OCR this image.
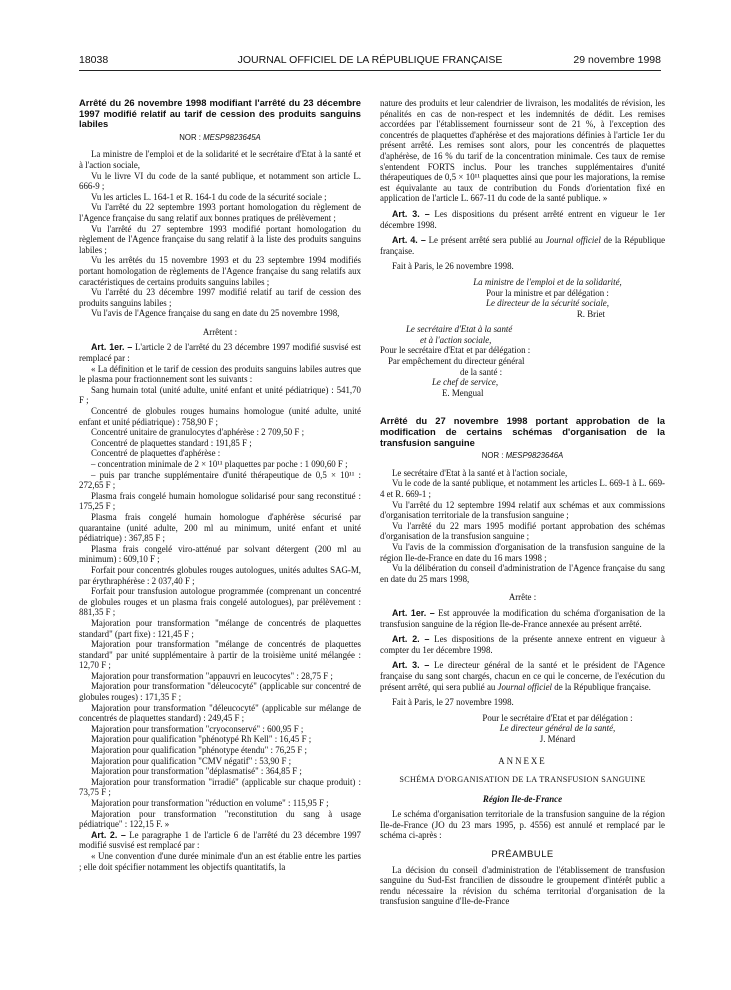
18038	JOURNAL OFFICIEL DE LA RÉPUBLIQUE FRANÇAISE	29 novembre 1998
Arrêté du 26 novembre 1998 modifiant l'arrêté du 23 décembre 1997 modifié relatif au tarif de cession des produits sanguins labiles
NOR : MESP9823645A

La ministre de l'emploi et de la solidarité et le secrétaire d'Etat à la santé et à l'action sociale,

Vu le livre VI du code de la santé publique, et notamment son article L. 666-9 ;

Vu les articles L. 164-1 et R. 164-1 du code de la sécurité sociale ;

Vu l'arrêté du 22 septembre 1993 portant homologation du règlement de l'Agence française du sang relatif aux bonnes pratiques de prélèvement ;

Vu l'arrêté du 27 septembre 1993 modifié portant homologation du règlement de l'Agence française du sang relatif à la liste des produits sanguins labiles ;

Vu les arrêtés du 15 novembre 1993 et du 23 septembre 1994 modifiés portant homologation de règlements de l'Agence française du sang relatifs aux caractéristiques de certains produits sanguins labiles ;

Vu l'arrêté du 23 décembre 1997 modifié relatif au tarif de cession des produits sanguins labiles ;

Vu l'avis de l'Agence française du sang en date du 25 novembre 1998,

Arrêtent :

Art. 1er. – L'article 2 de l'arrêté du 23 décembre 1997 modifié susvisé est remplacé par :

« La définition et le tarif de cession des produits sanguins labiles autres que le plasma pour fractionnement sont les suivants :

Sang humain total (unité adulte, unité enfant et unité pédiatrique) : 541,70 F ;

Concentré de globules rouges humains homologue (unité adulte, unité enfant et unité pédiatrique) : 758,90 F ;

Concentré unitaire de granulocytes d'aphérèse : 2 709,50 F ;

Concentré de plaquettes standard : 191,85 F ;

Concentré de plaquettes d'aphérèse :

– concentration minimale de 2 × 10¹¹ plaquettes par poche : 1 090,60 F ;

– puis par tranche supplémentaire d'unité thérapeutique de 0,5 × 10¹¹ : 272,65 F ;

Plasma frais congelé humain homologue solidarisé pour sang reconstitué : 175,25 F ;

Plasma frais congelé humain homologue d'aphérèse sécurisé par quarantaine (unité adulte, 200 ml au minimum, unité enfant et unité pédiatrique) : 367,85 F ;

Plasma frais congelé viro-atténué par solvant détergent (200 ml au minimum) : 609,10 F ;

Forfait pour concentrés globules rouges autologues, unités adultes SAG-M, par érythraphérèse : 2 037,40 F ;

Forfait pour transfusion autologue programmée (comprenant un concentré de globules rouges et un plasma frais congelé autologues), par prélèvement : 881,35 F ;

Majoration pour transformation "mélange de concentrés de plaquettes standard" (part fixe) : 121,45 F ;

Majoration pour transformation "mélange de concentrés de plaquettes standard" par unité supplémentaire à partir de la troisième unité mélangée : 12,70 F ;

Majoration pour transformation "appauvri en leucocytes" : 28,75 F ;

Majoration pour transformation "déleucocyté" (applicable sur concentré de globules rouges) : 171,35 F ;

Majoration pour transformation "déleucocyté" (applicable sur mélange de concentrés de plaquettes standard) : 249,45 F ;

Majoration pour transformation "cryoconservé" : 600,95 F ;

Majoration pour qualification "phénotypé Rh Kell" : 16,45 F ;

Majoration pour qualification "phénotype étendu" : 76,25 F ;

Majoration pour qualification "CMV négatif" : 53,90 F ;

Majoration pour transformation "déplasmatisé" : 364,85 F ;

Majoration pour transformation "irradié" (applicable sur chaque produit) : 73,75 F ;

Majoration pour transformation "réduction en volume" : 115,95 F ;

Majoration pour transformation "reconstitution du sang à usage pédiatrique" : 122,15 F. »

Art. 2. – Le paragraphe 1 de l'article 6 de l'arrêté du 23 décembre 1997 modifié susvisé est remplacé par :

« Une convention d'une durée minimale d'un an est établie entre les parties ; elle doit spécifier notamment les objectifs quantitatifs, la

nature des produits et leur calendrier de livraison, les modalités de révision, les pénalités en cas de non-respect et les indemnités de dédit. Les remises accordées par l'établissement fournisseur sont de 21 %, à l'exception des concentrés de plaquettes d'aphérèse et des majorations définies à l'article 1er du présent arrêté. Les remises sont alors, pour les concentrés de plaquettes d'aphérèse, de 16 % du tarif de la concentration minimale. Ces taux de remise s'entendent FORTS inclus. Pour les tranches supplémentaires d'unité thérapeutiques de 0,5 × 10¹¹ plaquettes ainsi que pour les majorations, la remise est équivalante au taux de contribution du Fonds d'orientation fixé en application de l'article L. 667-11 du code de la santé publique. »

Art. 3. – Les dispositions du présent arrêté entrent en vigueur le 1er décembre 1998.

Art. 4. – Le présent arrêté sera publié au Journal officiel de la République française.

Fait à Paris, le 26 novembre 1998.

La ministre de l'emploi et de la solidarité,
Pour la ministre et par délégation :
Le directeur de la sécurité sociale,
R. Briet
Le secrétaire d'Etat à la santé
et à l'action sociale,
Pour le secrétaire d'Etat et par délégation :
Par empêchement du directeur général
de la santé :
Le chef de service,
E. Mengual
Arrêté du 27 novembre 1998 portant approbation de la modification de certains schémas d'organisation de la transfusion sanguine
NOR : MESP9823646A

Le secrétaire d'Etat à la santé et à l'action sociale,

Vu le code de la santé publique, et notamment les articles L. 669-1 à L. 669-4 et R. 669-1 ;

Vu l'arrêté du 12 septembre 1994 relatif aux schémas et aux commissions d'organisation territoriale de la transfusion sanguine ;

Vu l'arrêté du 22 mars 1995 modifié portant approbation des schémas d'organisation de la transfusion sanguine ;

Vu l'avis de la commission d'organisation de la transfusion sanguine de la région Ile-de-France en date du 16 mars 1998 ;

Vu la délibération du conseil d'administration de l'Agence française du sang en date du 25 mars 1998,

Arrête :

Art. 1er. – Est approuvée la modification du schéma d'organisation de la transfusion sanguine de la région Ile-de-France annexée au présent arrêté.

Art. 2. – Les dispositions de la présente annexe entrent en vigueur à compter du 1er décembre 1998.

Art. 3. – Le directeur général de la santé et le président de l'Agence française du sang sont chargés, chacun en ce qui le concerne, de l'exécution du présent arrêté, qui sera publié au Journal officiel de la République française.

Fait à Paris, le 27 novembre 1998.

Pour le secrétaire d'Etat et par délégation :
Le directeur général de la santé,
J. Ménard
ANNEXE
SCHÉMA D'ORGANISATION DE LA TRANSFUSION SANGUINE
Région Ile-de-France

Le schéma d'organisation territoriale de la transfusion sanguine de la région Ile-de-France (JO du 23 mars 1995, p. 4556) est annulé et remplacé par le schéma ci-après :

PRÉAMBULE

La décision du conseil d'administration de l'établissement de transfusion sanguine du Sud-Est francilien de dissoudre le groupement d'intérêt public a rendu nécessaire la révision du schéma territorial d'organisation de la transfusion sanguine d'Ile-de-France
